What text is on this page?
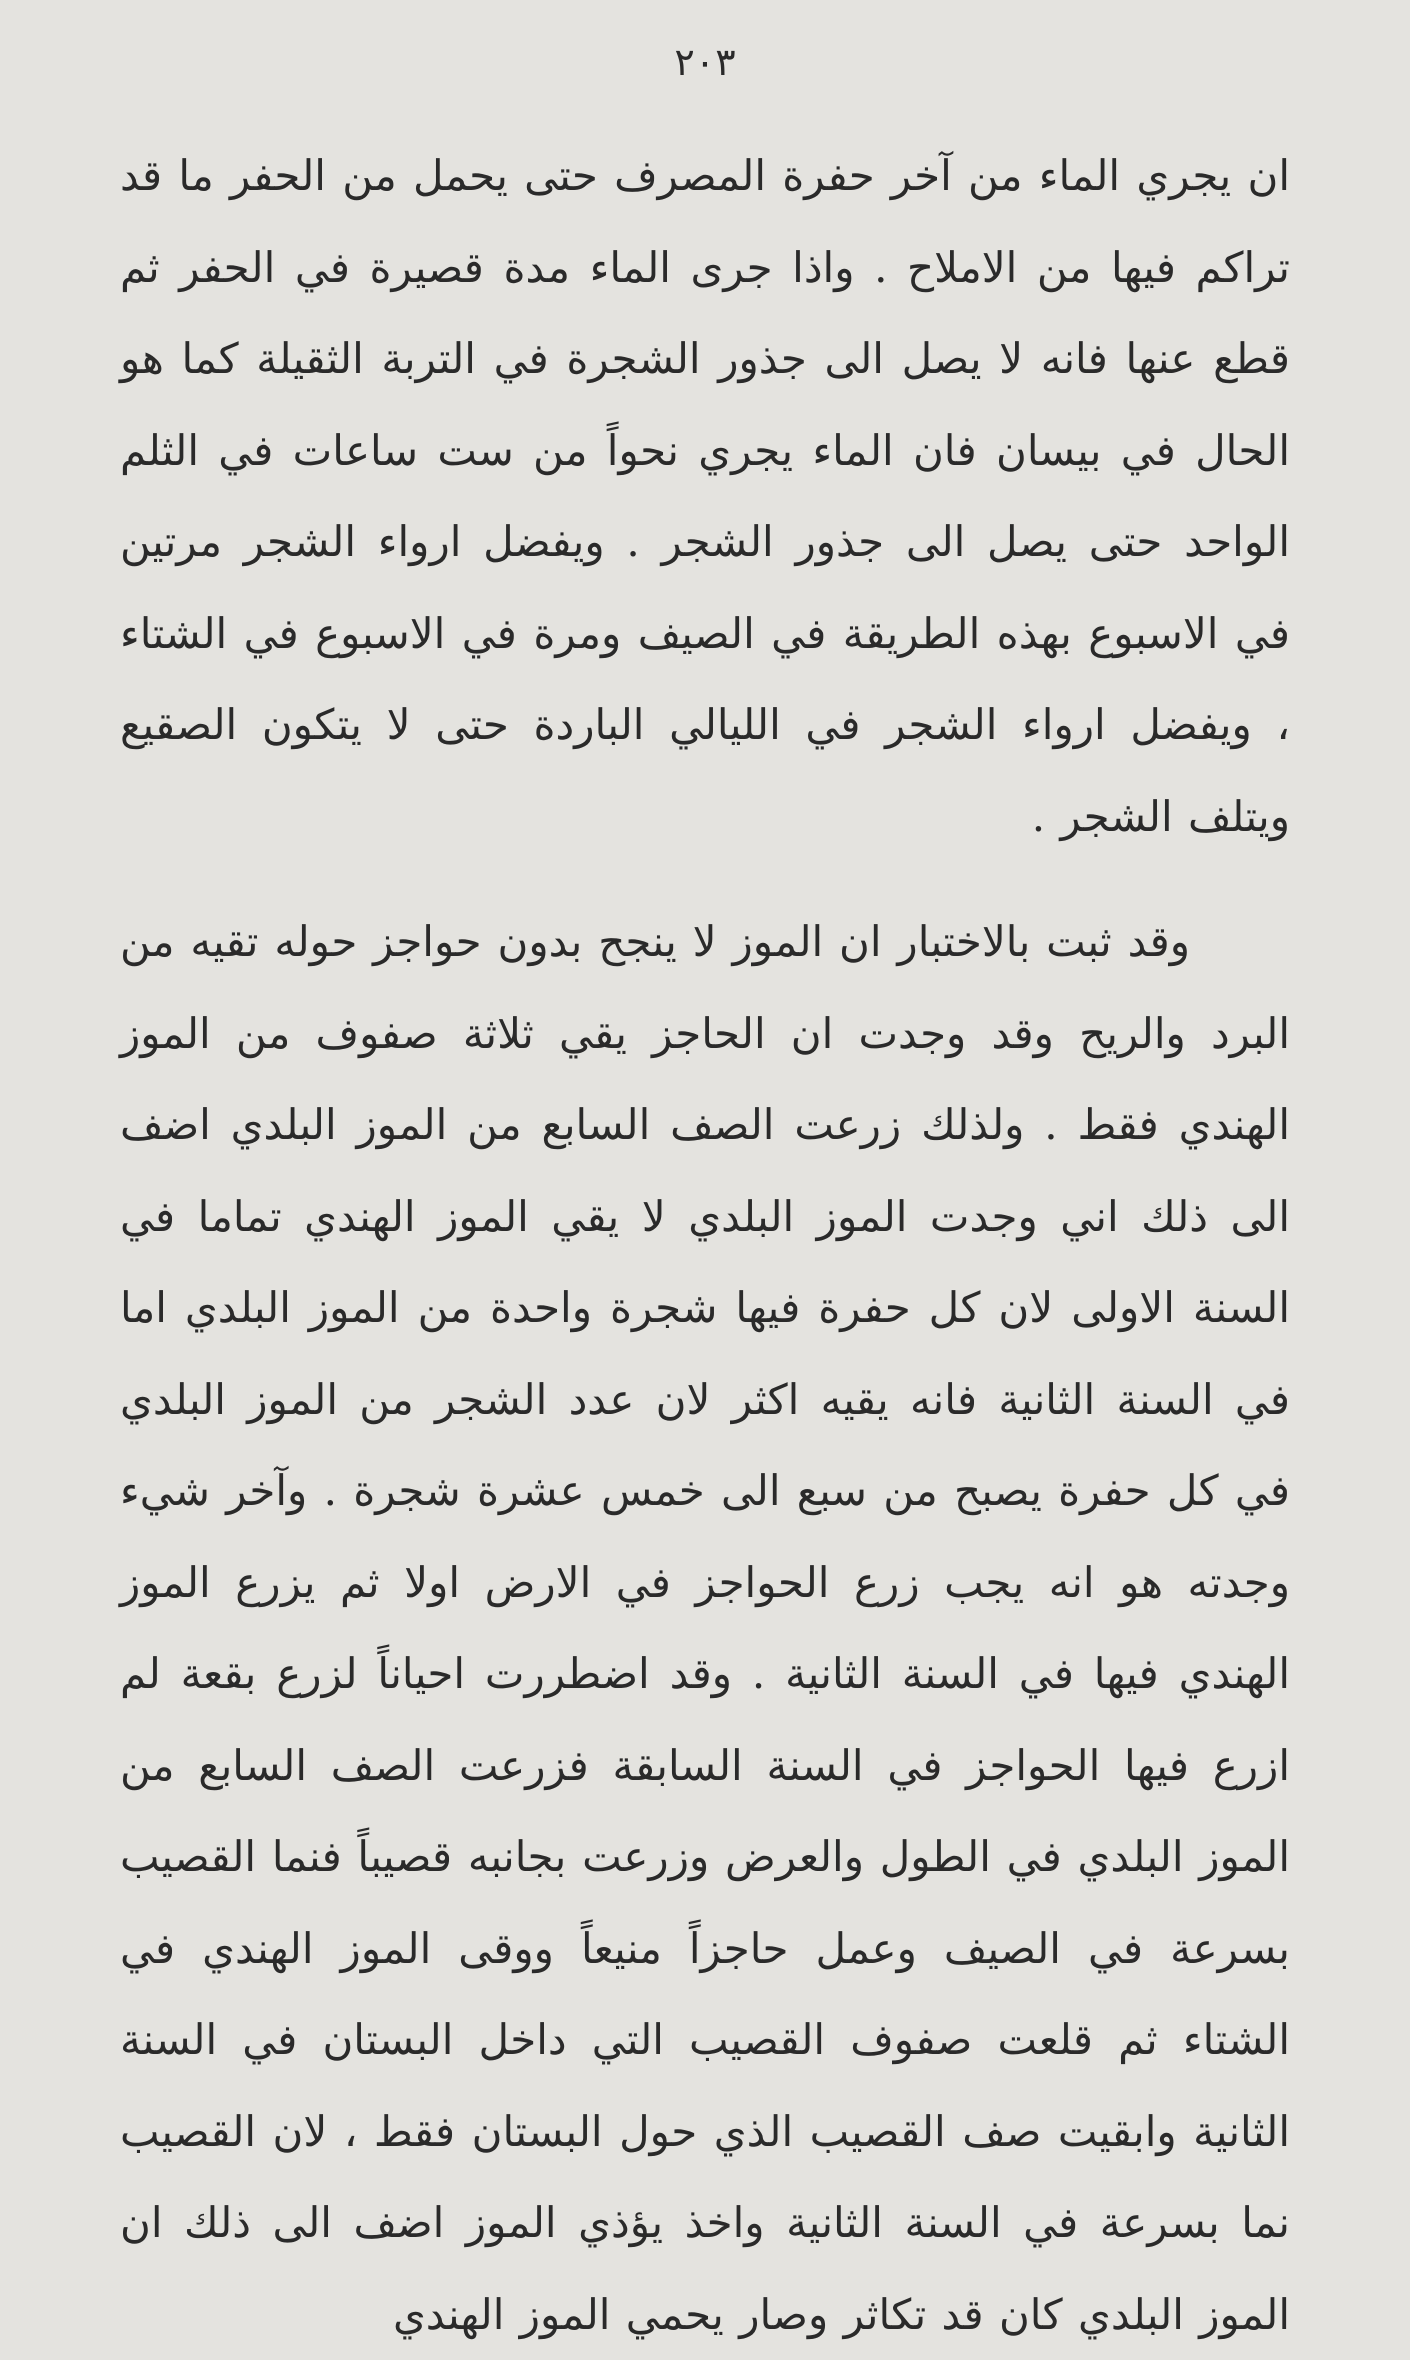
٢٠٣

ان يجري الماء من آخر حفرة المصرف حتى يحمل من الحفر ما قد تراكم فيها من الاملاح . واذا جرى الماء مدة قصيرة في الحفر ثم قطع عنها فانه لا يصل الى جذور الشجرة في التربة الثقيلة كما هو الحال في بيسان فان الماء يجري نحواً من ست ساعات في الثلم الواحد حتى يصل الى جذور الشجر . ويفضل ارواء الشجر مرتين في الاسبوع بهذه الطريقة في الصيف ومرة في الاسبوع في الشتاء ، ويفضل ارواء الشجر في الليالي الباردة حتى لا يتكون الصقيع ويتلف الشجر .

وقد ثبت بالاختبار ان الموز لا ينجح بدون حواجز حوله تقيه من البرد والريح وقد وجدت ان الحاجز يقي ثلاثة صفوف من الموز الهندي فقط . ولذلك زرعت الصف السابع من الموز البلدي اضف الى ذلك اني وجدت الموز البلدي لا يقي الموز الهندي تماما في السنة الاولى لان كل حفرة فيها شجرة واحدة من الموز البلدي اما في السنة الثانية فانه يقيه اكثر لان عدد الشجر من الموز البلدي في كل حفرة يصبح من سبع الى خمس عشرة شجرة . وآخر شيء وجدته هو انه يجب زرع الحواجز في الارض اولا ثم يزرع الموز الهندي فيها في السنة الثانية . وقد اضطررت احياناً لزرع بقعة لم ازرع فيها الحواجز في السنة السابقة فزرعت الصف السابع من الموز البلدي في الطول والعرض وزرعت بجانبه قصيباً فنما القصيب بسرعة في الصيف وعمل حاجزاً منيعاً ووقى الموز الهندي في الشتاء ثم قلعت صفوف القصيب التي داخل البستان في السنة الثانية وابقيت صف القصيب الذي حول البستان فقط ، لان القصيب نما بسرعة في السنة الثانية واخذ يؤذي الموز اضف الى ذلك ان الموز البلدي كان قد تكاثر وصار يحمي الموز الهندي
